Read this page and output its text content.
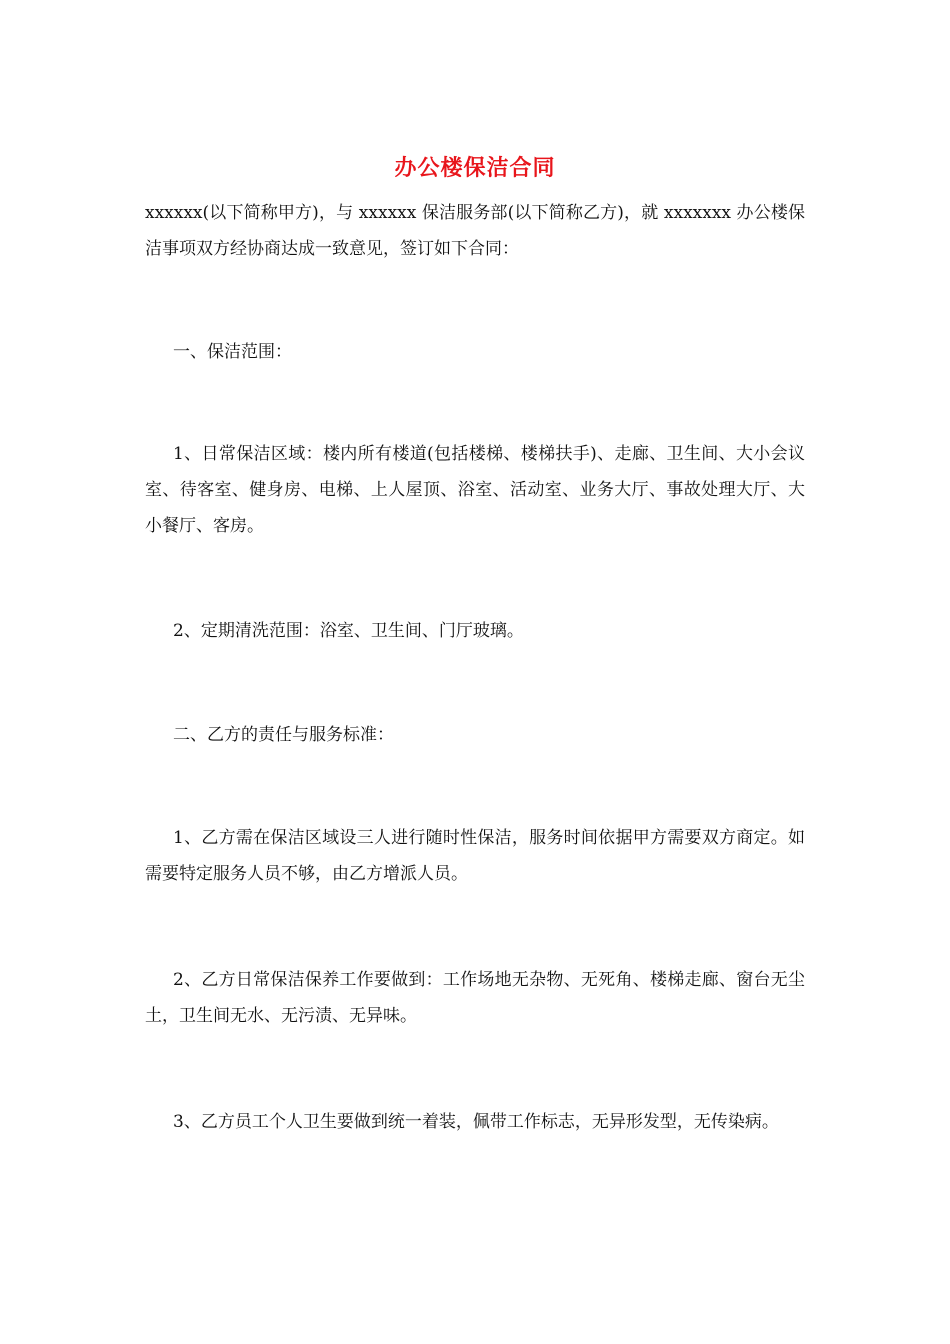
办公楼保洁合同

xxxxxx(以下简称甲方)，与 xxxxxx 保洁服务部(以下简称乙方)，就 xxxxxxx 办公楼保洁事项双方经协商达成一致意见，签订如下合同：

一、保洁范围：

1、日常保洁区域：楼内所有楼道(包括楼梯、楼梯扶手)、走廊、卫生间、大小会议室、待客室、健身房、电梯、上人屋顶、浴室、活动室、业务大厅、事故处理大厅、大小餐厅、客房。

2、定期清洗范围：浴室、卫生间、门厅玻璃。

二、乙方的责任与服务标准：

1、乙方需在保洁区域设三人进行随时性保洁，服务时间依据甲方需要双方商定。如需要特定服务人员不够，由乙方增派人员。

2、乙方日常保洁保养工作要做到：工作场地无杂物、无死角、楼梯走廊、窗台无尘土，卫生间无水、无污渍、无异味。

3、乙方员工个人卫生要做到统一着装，佩带工作标志，无异形发型，无传染病。
